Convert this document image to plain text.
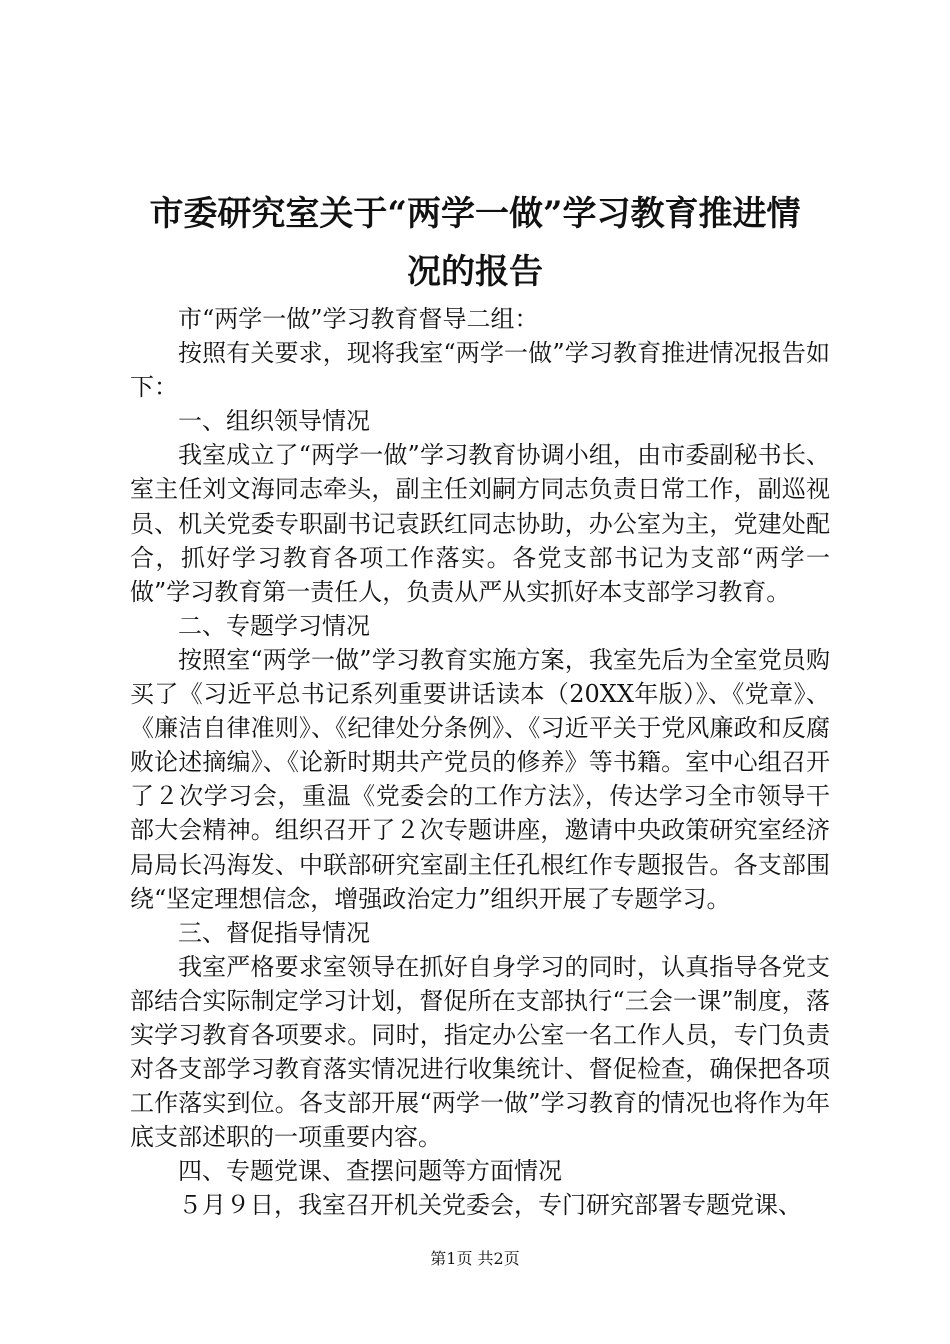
市委研究室关于“两学一做”学习教育推进情
况的报告

市“两学一做”学习教育督导二组：

按照有关要求，现将我室“两学一做”学习教育推进情况报告如下：

一、组织领导情况

我室成立了“两学一做”学习教育协调小组，由市委副秘书长、室主任刘文海同志牵头，副主任刘嗣方同志负责日常工作，副巡视员、机关党委专职副书记袁跃红同志协助，办公室为主，党建处配合，抓好学习教育各项工作落实。各党支部书记为支部“两学一做”学习教育第一责任人，负责从严从实抓好本支部学习教育。

二、专题学习情况

按照室“两学一做”学习教育实施方案，我室先后为全室党员购买了《习近平总书记系列重要讲话读本（20XX年版）》、《党章》、《廉洁自律准则》、《纪律处分条例》、《习近平关于党风廉政和反腐败论述摘编》、《论新时期共产党员的修养》等书籍。室中心组召开了２次学习会，重温《党委会的工作方法》，传达学习全市领导干部大会精神。组织召开了２次专题讲座，邀请中央政策研究室经济局局长冯海发、中联部研究室副主任孔根红作专题报告。各支部围绕“坚定理想信念，增强政治定力”组织开展了专题学习。

三、督促指导情况

我室严格要求室领导在抓好自身学习的同时，认真指导各党支部结合实际制定学习计划，督促所在支部执行“三会一课”制度，落实学习教育各项要求。同时，指定办公室一名工作人员，专门负责对各支部学习教育落实情况进行收集统计、督促检查，确保把各项工作落实到位。各支部开展“两学一做”学习教育的情况也将作为年底支部述职的一项重要内容。

四、专题党课、查摆问题等方面情况

５月９日，我室召开机关党委会，专门研究部署专题党课、

第1页 共2页
